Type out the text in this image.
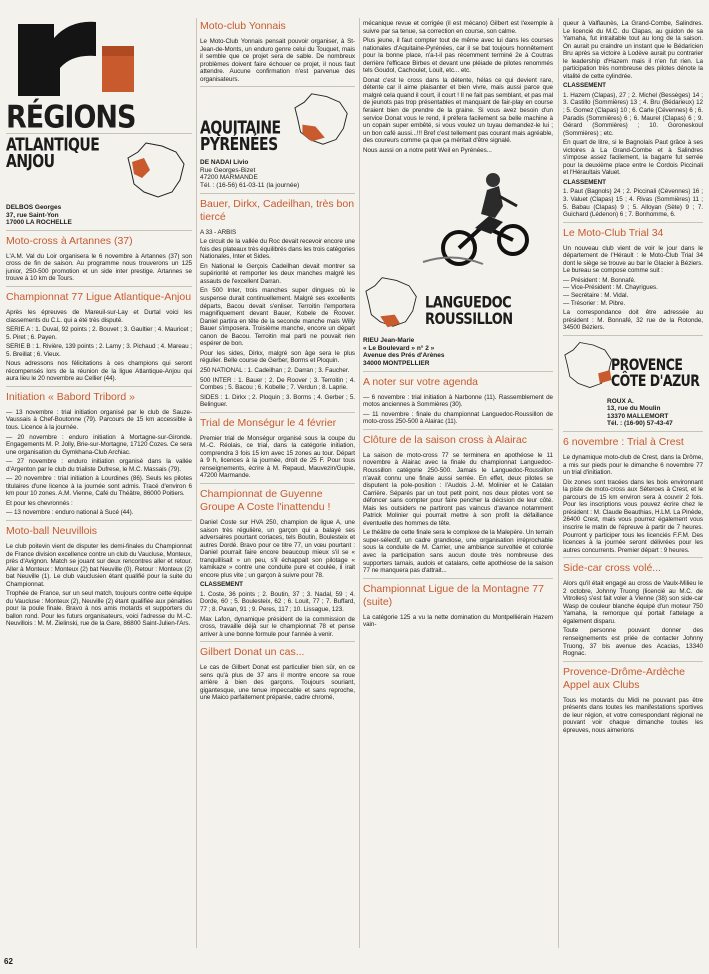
RÉGIONS
ATLANTIQUE
ANJOU
DELBOS Georges
37, rue Saint-Yon
17000 LA ROCHELLE
Moto-cross à Artannes (37)

L'A.M. Val du Loir organisera le 6 novembre à Artannes (37) son cross de fin de saison. Au programme nous trouverons un 125 junior, 250-500 promotion et un side inter prestige. Artannes se trouve à 10 km de Tours.

Championnat 77 Ligue Atlantique-Anjou

Après les épreuves de Mareuil-sur-Lay et Durtal voici les classements du C.L. qui a été très disputé.

SERIE A : 1. Duval, 92 points ; 2. Bouvet ; 3. Gaultier ; 4. Mauricet ; 5. Piret ; 6. Payen.

SERIE B : 1. Rivière, 139 points ; 2. Lamy ; 3. Pichaud ; 4. Mareau ; 5. Breillat ; 6. Vieux.

Nous adressons nos félicitations à ces champions qui seront récompensés lors de la réunion de la ligue Atlantique-Anjou qui aura lieu le 20 novembre au Cellier (44).

Initiation « Babord Tribord »

— 13 novembre : trial initiation organisé par le club de Sauze-Vaussais à Chef-Boutonne (79). Parcours de 15 km accessible à tous. Licence à la journée.

— 20 novembre : enduro initiation à Mortagne-sur-Gironde. Engagements M. P. Jolly, Brie-sur-Mortagne, 17120 Cozes. Ce sera une organisation du Gymkhana-Club Archiac.

— 27 novembre : enduro initiation organisé dans la vallée d'Argenton par le club du trialiste Dufrese, le M.C. Massais (79).

— 20 novembre : trial initiation à Lourdines (86). Seuls les pilotes titulaires d'une licence à la journée sont admis. Tracé d'environ 6 km pour 10 zones. A.M. Vienne, Café du Théâtre, 86000 Poitiers.

Et pour les chevronnés :

— 13 novembre : enduro national à Sucé (44).

Moto-ball Neuvillois

Le club poitevin vient de disputer les demi-finales du Championnat de France division excellence contre un club du Vaucluse, Monteux, près d'Avignon. Match se jouant sur deux rencontres aller et retour. Aller à Monteux : Monteux (2) bat Neuville (0). Retour : Monteux (2) bat Neuville (1). Le club vauclusien étant qualifié pour la suite du Championnat.

Trophée de France, sur un seul match, toujours contre cette équipe du Vaucluse : Monteux (2), Neuville (2) étant qualifiée aux pénalties pour la poule finale. Bravo à nos amis motards et supporters du ballon rond. Pour les futurs organisateurs, voici l'adresse du M.-C. Neuvillois : M. M. Zielinski, rue de la Gare, 86800 Saint-Julien-l'Ars.

62
Moto-club Yonnais

Le Moto-Club Yonnais pensait pouvoir organiser, à St-Jean-de-Monts, un enduro genre celui du Touquet, mais il semble que ce projet sera de sable. De nombreux problèmes doivent faire échouer ce projet, il nous faut attendre. Aucune confirmation n'est parvenue des organisateurs.

AQUITAINE
PYRÉNÉES
DE NADAI Livio
Rue Georges-Bizet
47200 MARMANDE
Tél. : (16-56) 61-03-11 (la journée)
Bauer, Dirkx, Cadeilhan, très bon tiercé

A 33 - ARBIS

Le circuit de la vallée du Roc devait recevoir encore une fois des plateaux très équilibrés dans les trois catégories Nationales, Inter et Sides.

En National le Gerçois Cadeilhan devait montrer sa supériorité et remporter les deux manches malgré les assauts de l'excellent Darran.

En 500 Inter, trois manches super dingues où le suspense durait continuellement. Malgré ses excellents départs, Bacou devait s'enliser. Terroitin l'emportera magnifiquement devant Bauer, Kobele de Roover. Daniel partira en tête de la seconde manche mais Willy Bauer s'imposera. Troisième manche, encore un départ canon de Bacou. Terroitin mal parti ne pouvait rien espérer de bon.

Pour les sides, Dirkx, malgré son âge sera le plus régulier. Belle course de Gerber, Borms et Ploquin.

250 NATIONAL : 1. Cadeilhan ; 2. Darran ; 3. Faucher.

500 INTER : 1. Bauer ; 2. De Roover ; 3. Terroitin ; 4. Combes ; 5. Bacou ; 6. Kobelle ; 7. Verdun ; 8. Laprie.

SIDES : 1. Dirkx ; 2. Ploquin ; 3. Borms ; 4. Gerber ; 5. Belinguer.

Trial de Monségur le 4 février

Premier trial de Monségur organisé sous la coupe du M.-C. Réolais, ce trial, dans la catégorie initiation, comprendra 3 fois 15 km avec 15 zones au tour. Départ à 9 h, licences à la journée, droit de 25 F. Pour tous renseignements, écrire à M. Repaud, Mauvezin/Gupie, 47200 Marmande.

Championnat de Guyenne Groupe A Coste l'inattendu !

Daniel Coste sur HVA 250, champion de ligue A, une saison très régulière, un garçon qui a balayé ses adversaires pourtant coriaces, tels Boutin, Boulesteix et autres Dordé. Bravo pour ce titre 77, un vœu pourtant : Daniel pourrait faire encore beaucoup mieux s'il se « tranquillisait » un peu, s'il échappait son pilotage « kamikaze » contre une conduite pure et coulée, il irait encore plus vite ; un garçon à suivre pour 78.

CLASSEMENT

1. Coste, 36 points ; 2. Boutin, 37 ; 3. Nadal, 59 ; 4. Dorde, 60 ; 5. Boulesteix, 62 ; 6. Louit, 77 ; 7. Buffard, 77 ; 8. Pavan, 91 ; 9. Peres, 117 ; 10. Lissague, 123.

Max Lafon, dynamique président de la commission de cross, travaille déjà sur le championnat 78 et pense arriver à une bonne formule pour l'année à venir.

Gilbert Donat un cas...

Le cas de Gilbert Donat est particulier bien sûr, en ce sens qu'à plus de 37 ans il montre encore sa roue arrière à bien des garçons. Toujours souriant, gigantesque, une tenue impeccable et sans reproche, une Maico parfaitement préparée, cadre chromé,

mécanique revue et corrigée (il est mécano) Gilbert est l'exemple à suivre par sa tenue, sa correction en course, son calme.

Plus jeune, il faut compter tout de même avec lui dans les courses nationales d'Aquitaine-Pyrénées, car il se bat toujours honnêtement pour la bonne place, n'a-t-il pas récemment terminé 2e à Coutras derrière l'efficace Birbes et devant une pléiade de pilotes renommés tels Goudol, Cachoulet, Louit, etc... etc.

Donat c'est le cross dans la détente, hélas ce qui devient rare, détente car il aime plaisanter et bien vivre, mais aussi parce que malgré cela quand il court, il court ! Il ne fait pas semblant, et pas mal de jeunots pas trop présentables et manquant de fair-play en course feraient bien de prendre de la graine. Si vous avez besoin d'un service Donat vous le rend, il préfera facilement sa belle machine à un copain super embêté, si vous voulez un tuyau demandez-le lui ; un bon café aussi...!!! Bref c'est tellement pas courant mais agréable, des coureurs comme ça que ça méritait d'être signalé.

Nous aussi on a notre petit Weil en Pyrénées...

LANGUEDOC
ROUSSILLON
RIEU Jean-Marie
« Le Boulevard » n° 2 »
Avenue des Prés d'Arènes
34000 MONTPELLIER
A noter sur votre agenda

— 6 novembre : trial initiation à Narbonne (11). Rassemblement de motos anciennes à Sommières (30).

— 11 novembre : finale du championnat Languedoc-Roussillon de moto-cross 250-500 à Alairac (11).

Clôture de la saison cross à Alairac

La saison de moto-cross 77 se terminera en apothéose le 11 novembre à Alairac avec la finale du championnat Languedoc-Roussillon catégorie 250-500. Jamais le Languedoc-Roussillon n'avait connu une finale aussi serrée. En effet, deux pilotes se disputent la pole-position : l'Audois J.-M. Molinier et le Catalan Carrière. Séparés par un tout petit point, nos deux pilotes vont se défoncer sans compter pour faire pencher la décision de leur côté. Mais les outsiders ne partiront pas vaincus d'avance notamment Patrick Molinier qui pourrait mettre à son profit la défaillance éventuelle des hommes de tête.

Le théâtre de cette finale sera le complexe de la Malepère. Un terrain super-sélectif, un cadre grandiose, une organisation irréprochable sous la conduite de M. Carrier, une ambiance survoltée et colorée avec la participation sans aucun doute très nombreuse des supporters tarnais, audois et catalans, cette apothéose de la saison 77 ne manquera pas d'attrait...

Championnat Ligue de la Montagne 77 (suite)

La catégorie 125 a vu la nette domination du Montpelliérain Hazem vain-

queur à Valflaunès, La Grand-Combe, Salindres. Le licencié du M.C. du Clapas, au guidon de sa Yamaha, fut intraitable tout au long de la saison. On aurait pu craindre un instant que le Bédaricien Bru après sa victoire à Lodève aurait pu contrarier le leadership d'Hazem mais il n'en fut rien. La participation très nombreuse des pilotes dénote la vitalité de cette cylindrée.

CLASSEMENT

1. Hazem (Clapas), 27 ; 2. Michel (Bessèges) 14 ; 3. Castillo (Sommières) 13 ; 4. Bru (Bédarieux) 12 ; 5. Gomez (Clapas) 10 ; 6. Carle (Cévennes) 6 ; 6. Paradis (Sommières) 6 ; 6. Maurel (Clapas) 6 ; 9. Gérard (Sommières) ; 10. Goroneskoul (Sommières) ; etc.

En quart de litre, si le Bagnolais Paut grâce à ses victoires à La Grand-Combe et à Salindres s'impose assez facilement, la bagarre fut serrée pour la deuxième place entre le Cordois Piccinali et l'Héraultais Valuet.

CLASSEMENT

1. Paut (Bagnols) 24 ; 2. Piccinali (Cévennes) 16 ; 3. Valuet (Clapas) 15 ; 4. Rivas (Sommières) 11 ; 5. Babau (Clapas) 9 ; 5. Alloyan (Sète) 9 ; 7. Guichard (Lédenon) 6 ; 7. Bonhomme, 6.

Le Moto-Club Trial 34

Un nouveau club vient de voir le jour dans le département de l'Hérault : le Moto-Club Trial 34 dont le siège se trouve au bar le Glacier à Béziers. Le bureau se compose comme suit :

— Président : M. Bonnafé.

— Vice-Président : M. Chayrigues.

— Secrétaire : M. Vidal.

— Trésorier : M. Pibre.

La correspondance doit être adressée au président : M. Bonnafé, 32 rue de la Rotonde, 34500 Béziers.

PROVENCE
CÔTE D'AZUR
ROUX A.
13, rue du Moulin
13370 MALLEMORT
Tél. : (16-90) 57-43-47
6 novembre : Trial à Crest

Le dynamique moto-club de Crest, dans la Drôme, a mis sur pieds pour le dimanche 6 novembre 77 un trial d'initiation.

Dix zones sont tracées dans les bois environnant la piste de moto-cross aux Séteroes à Crest, et le parcours de 15 km environ sera à couvrir 2 fois. Pour les inscriptions vous pouvez écrire chez le président : M. Claude Beauthias, H.LM. La Pinède, 26400 Crest, mais vous pourrez également vous inscrire le matin de l'épreuve à partir de 7 heures. Pourront y participer tous les licenciés F.F.M. Des licences à la journée seront délivrées pour les autres concurrents. Premier départ : 9 heures.

Side-car cross volé...

Alors qu'il était engagé au cross de Vaulx-Milieu le 2 octobre, Johnny Truong (licencié au M.C. de Vitrolles) s'est fait voler à Vienne (38) son side-car Wasp de couleur blanche équipé d'un moteur 750 Yamaha, la remorque qui portait l'attelage a également disparu.

Toute personne pouvant donner des renseignements est priée de contacter Johnny Truong, 37 bis avenue des Acacias, 13340 Rognac.

Provence-Drôme-Ardèche Appel aux Clubs

Tous les motards du Midi ne pouvant pas être présents dans toutes les manifestations sportives de leur région, et votre correspondant régional ne pouvant voir chaque dimanche toutes les épreuves, nous aimerions
